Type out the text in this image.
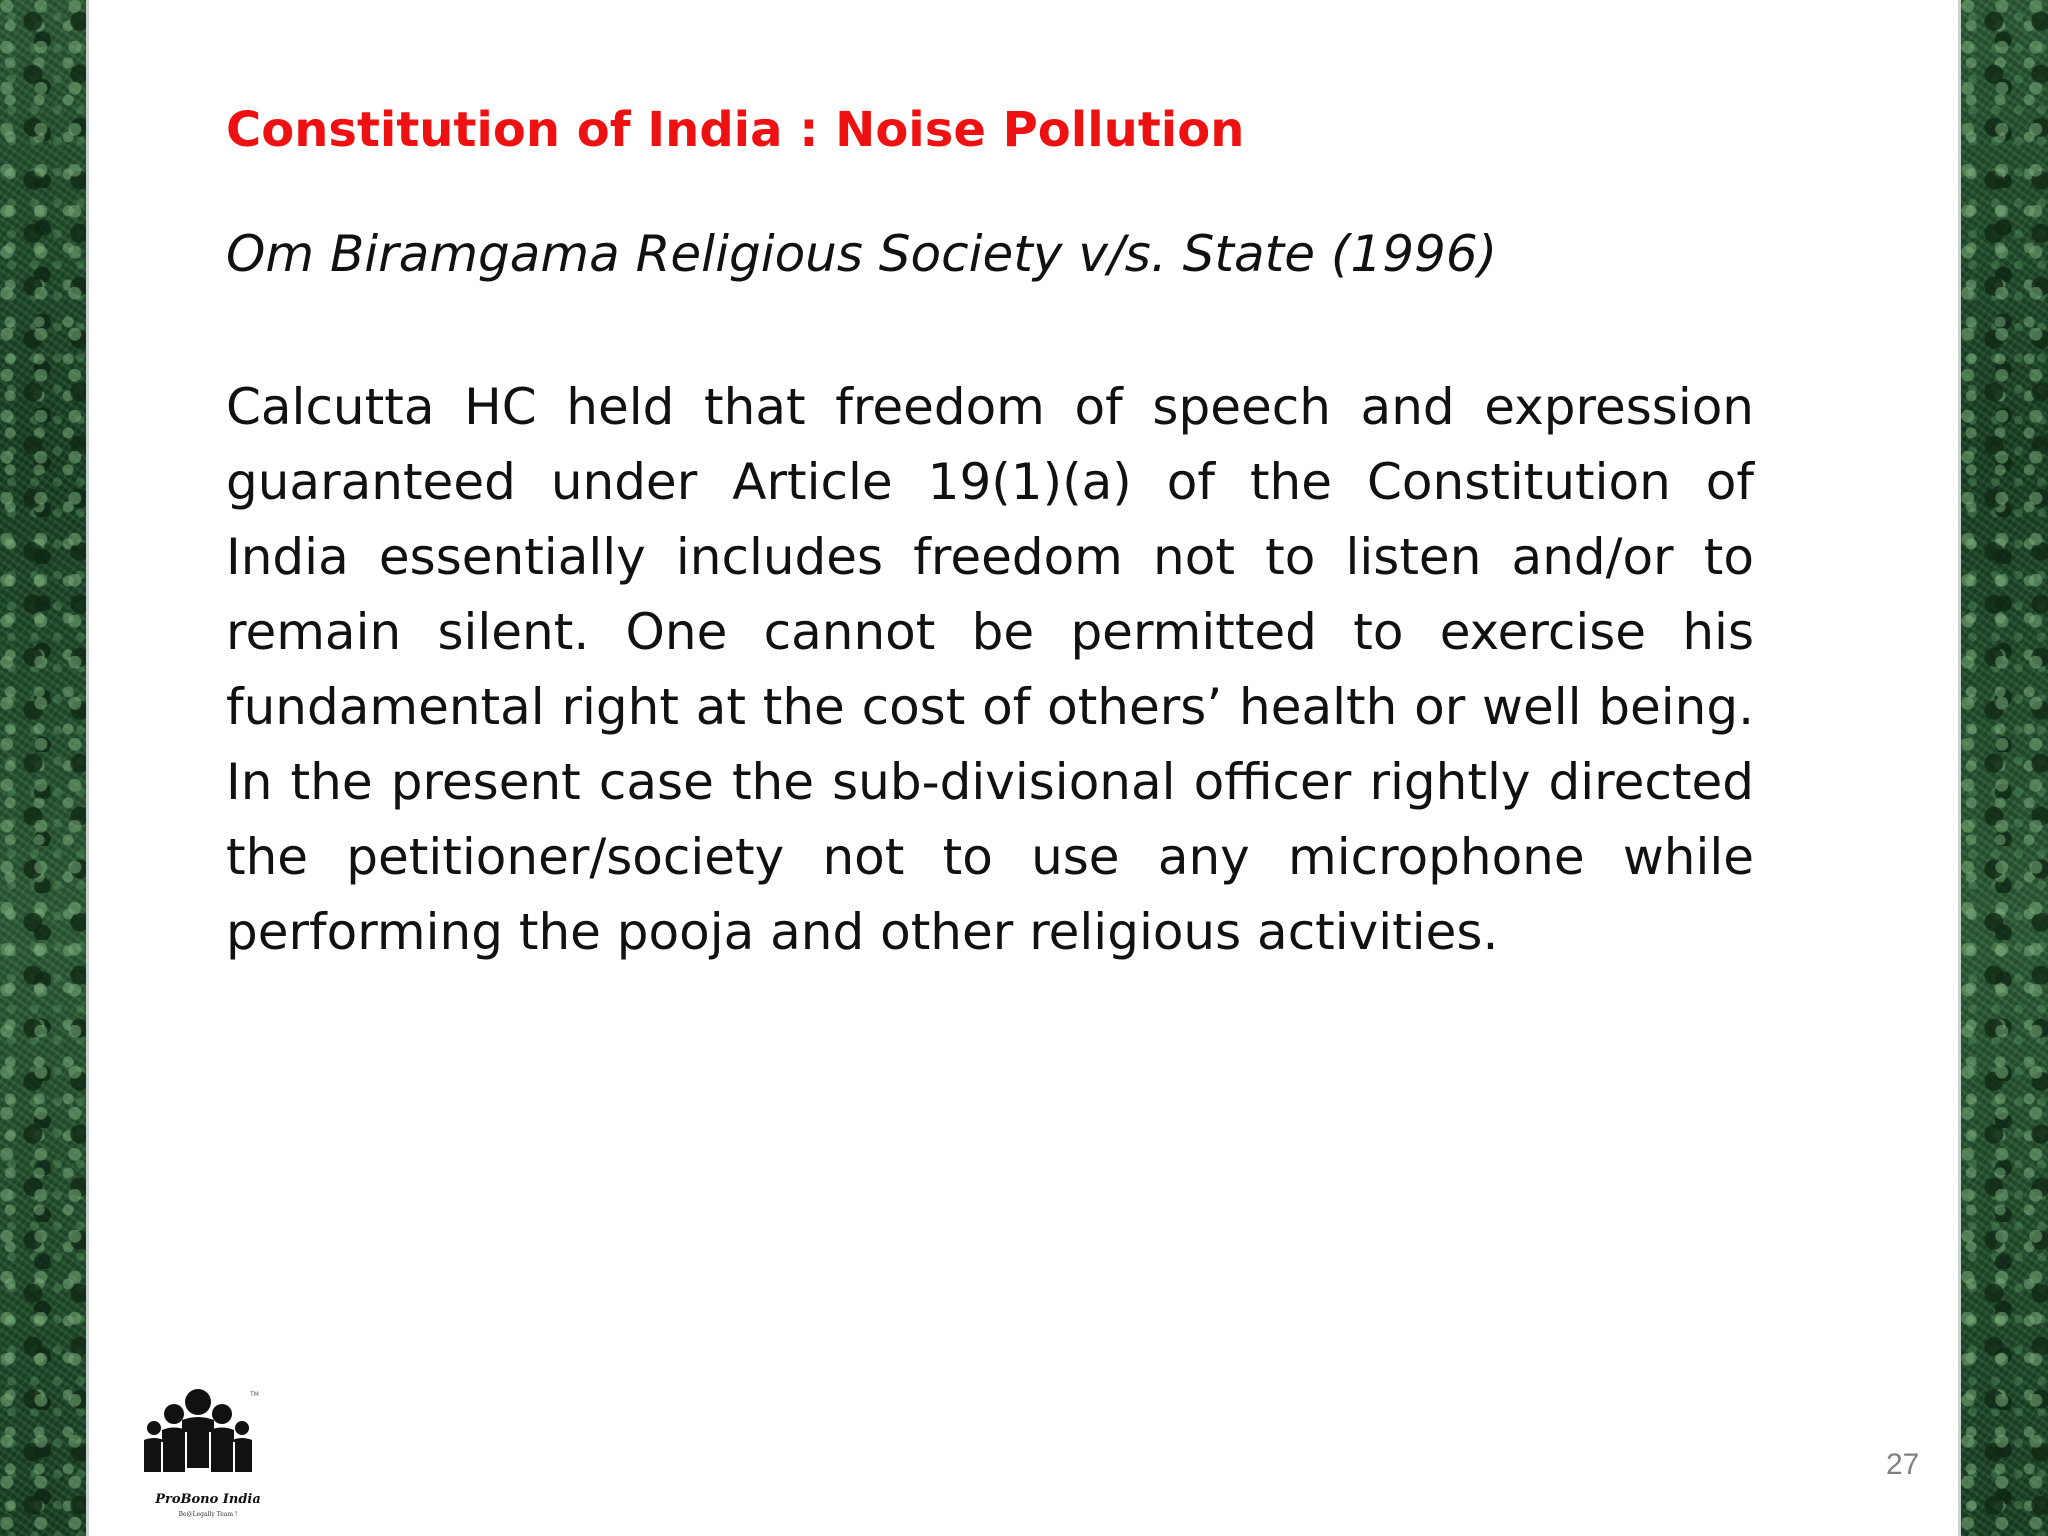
Constitution of India : Noise Pollution

Om Biramgama Religious Society v/s. State (1996)

Calcutta HC held that freedom of speech and expression guaranteed under Article 19(1)(a) of the Constitution of India essentially includes freedom not to listen and/or to remain silent. One cannot be permitted to exercise his fundamental right at the cost of others’ health or well being. In the present case the sub-divisional officer rightly directed the petitioner/society not to use any microphone while performing the pooja and other religious activities.

TM
ProBono India
Be@Legally Team !
27
